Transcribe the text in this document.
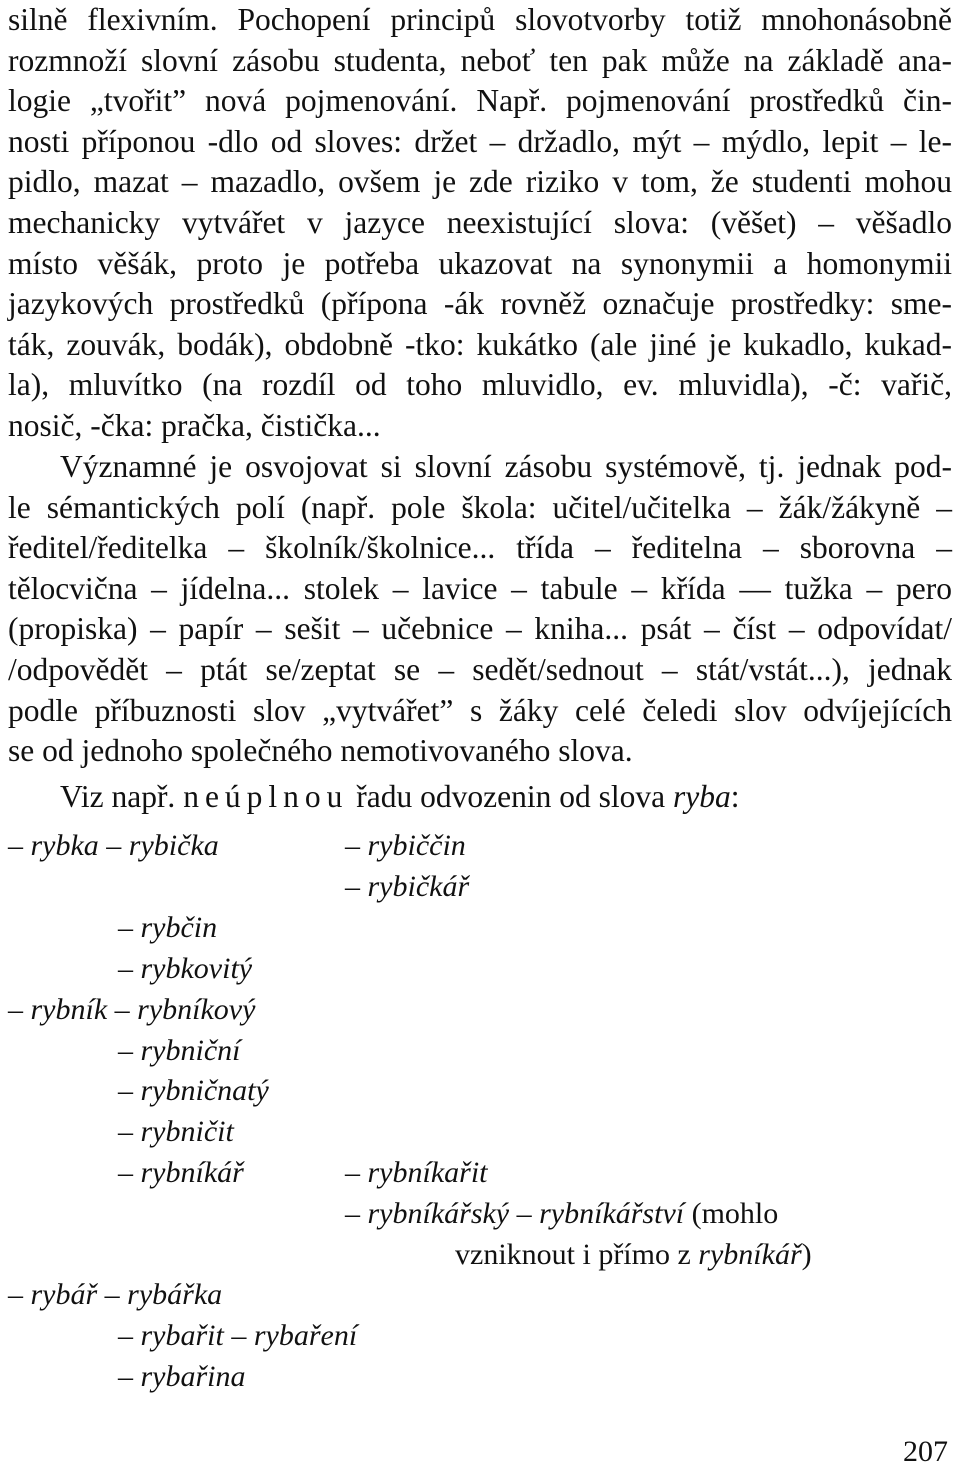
silně flexivním. Pochopení principů slovotvorby totiž mnohonásobně
rozmnoží slovní zásobu studenta, neboť ten pak může na základě ana-
logie „tvořit” nová pojmenování. Např. pojmenování prostředků čin-
nosti příponou -dlo od sloves: držet – držadlo, mýt – mýdlo, lepit – le-
pidlo, mazat – mazadlo, ovšem je zde riziko v tom, že studenti mohou
mechanicky vytvářet v jazyce neexistující slova: (věšet) – věšadlo
místo věšák, proto je potřeba ukazovat na synonymii a homonymii
jazykových prostředků (přípona -ák rovněž označuje prostředky: sme-
ták, zouvák, bodák), obdobně -tko: kukátko (ale jiné je kukadlo, kukad-
la), mluvítko (na rozdíl od toho mluvidlo, ev. mluvidla), -č: vařič,
nosič, -čka: pračka, čistička...
Významné je osvojovat si slovní zásobu systémově, tj. jednak pod-
le sémantických polí (např. pole škola: učitel/učitelka – žák/žákyně –
ředitel/ředitelka – školník/školnice... třída – ředitelna – sborovna –
tělocvična – jídelna... stolek – lavice – tabule – křída — tužka – pero
(propiska) – papír – sešit – učebnice – kniha... psát – číst – odpovídat/
/odpovědět – ptát se/zeptat se – sedět/sednout – stát/vstát...), jednak
podle příbuznosti slov „vytvářet” s žáky celé čeledi slov odvíjejících
se od jednoho společného nemotivovaného slova.
Viz např. neúplnou řadu odvozenin od slova ryba:
– rybka – rybička	– rybiččin
– rybičkář
– rybčin
– rybkovitý
– rybník – rybníkový
– rybniční
– rybničnatý
– rybničit
– rybníkář	– rybníkařit
– rybníkářský – rybníkářství (mohlo
vzniknout i přímo z rybníkář)
– rybář – rybářka
– rybařit – rybaření
– rybařina
207
